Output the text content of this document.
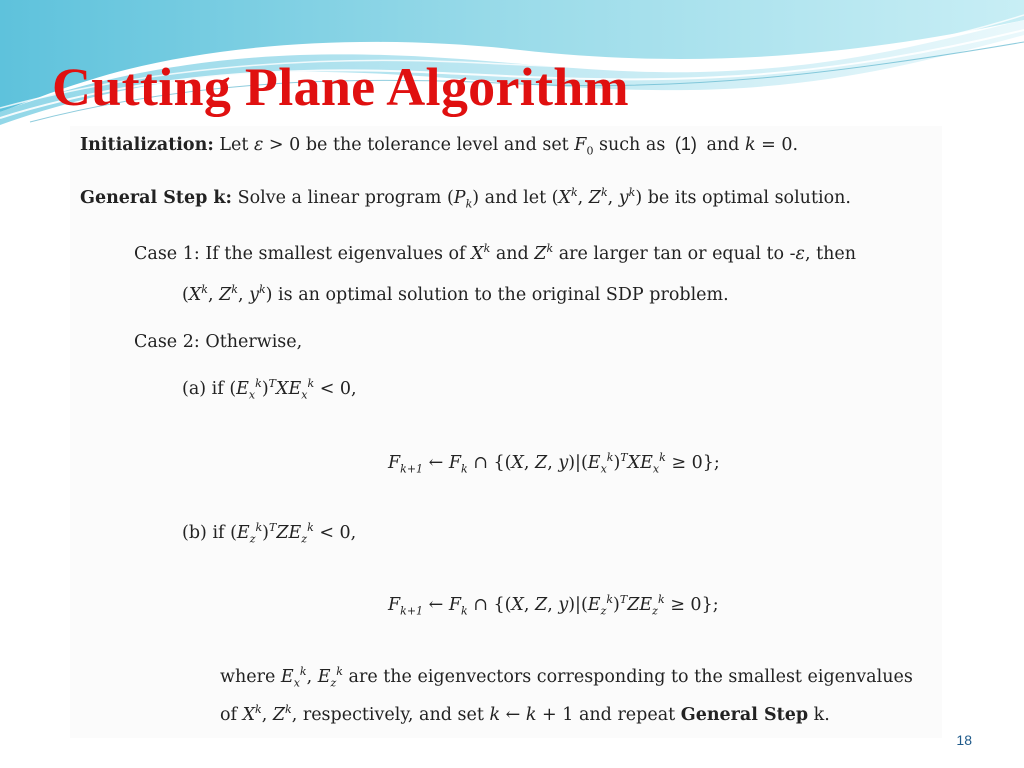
Cutting Plane Algorithm
Initialization: Let ε > 0 be the tolerance level and set $F_0$ such as (1) and k = 0.
General Step k: Solve a linear program $(P_k)$ and let ($X^k$, $Z^k$, $y^k$) be its optimal solution.
Case 1: If the smallest eigenvalues of $X^k$ and $Z^k$ are larger tan or equal to -ε, then
($X^k$, $Z^k$, $y^k$) is an optimal solution to the original SDP problem.
Case 2: Otherwise,
(a) if $(E_x^k)^TXE_x^k < 0$,
$F_{k+1}$ ← $F_k$ ∩ {(X, Z, $y)|(E_x^k)^TXE_x^k \ge 0$};
(b) if $(E_z^k)^TZE_z^k < 0$,
$F_{k+1}$ ← $F_k$ ∩ {(X, Z, $y)|(E_z^k)^TZE_z^k \ge 0$};
where $E_x^k$, $E_z^k$ are the eigenvectors corresponding to the smallest eigenvalues
of $X^k$, $Z^k$, respectively, and set k ← k + 1 and repeat General Step k.
18
